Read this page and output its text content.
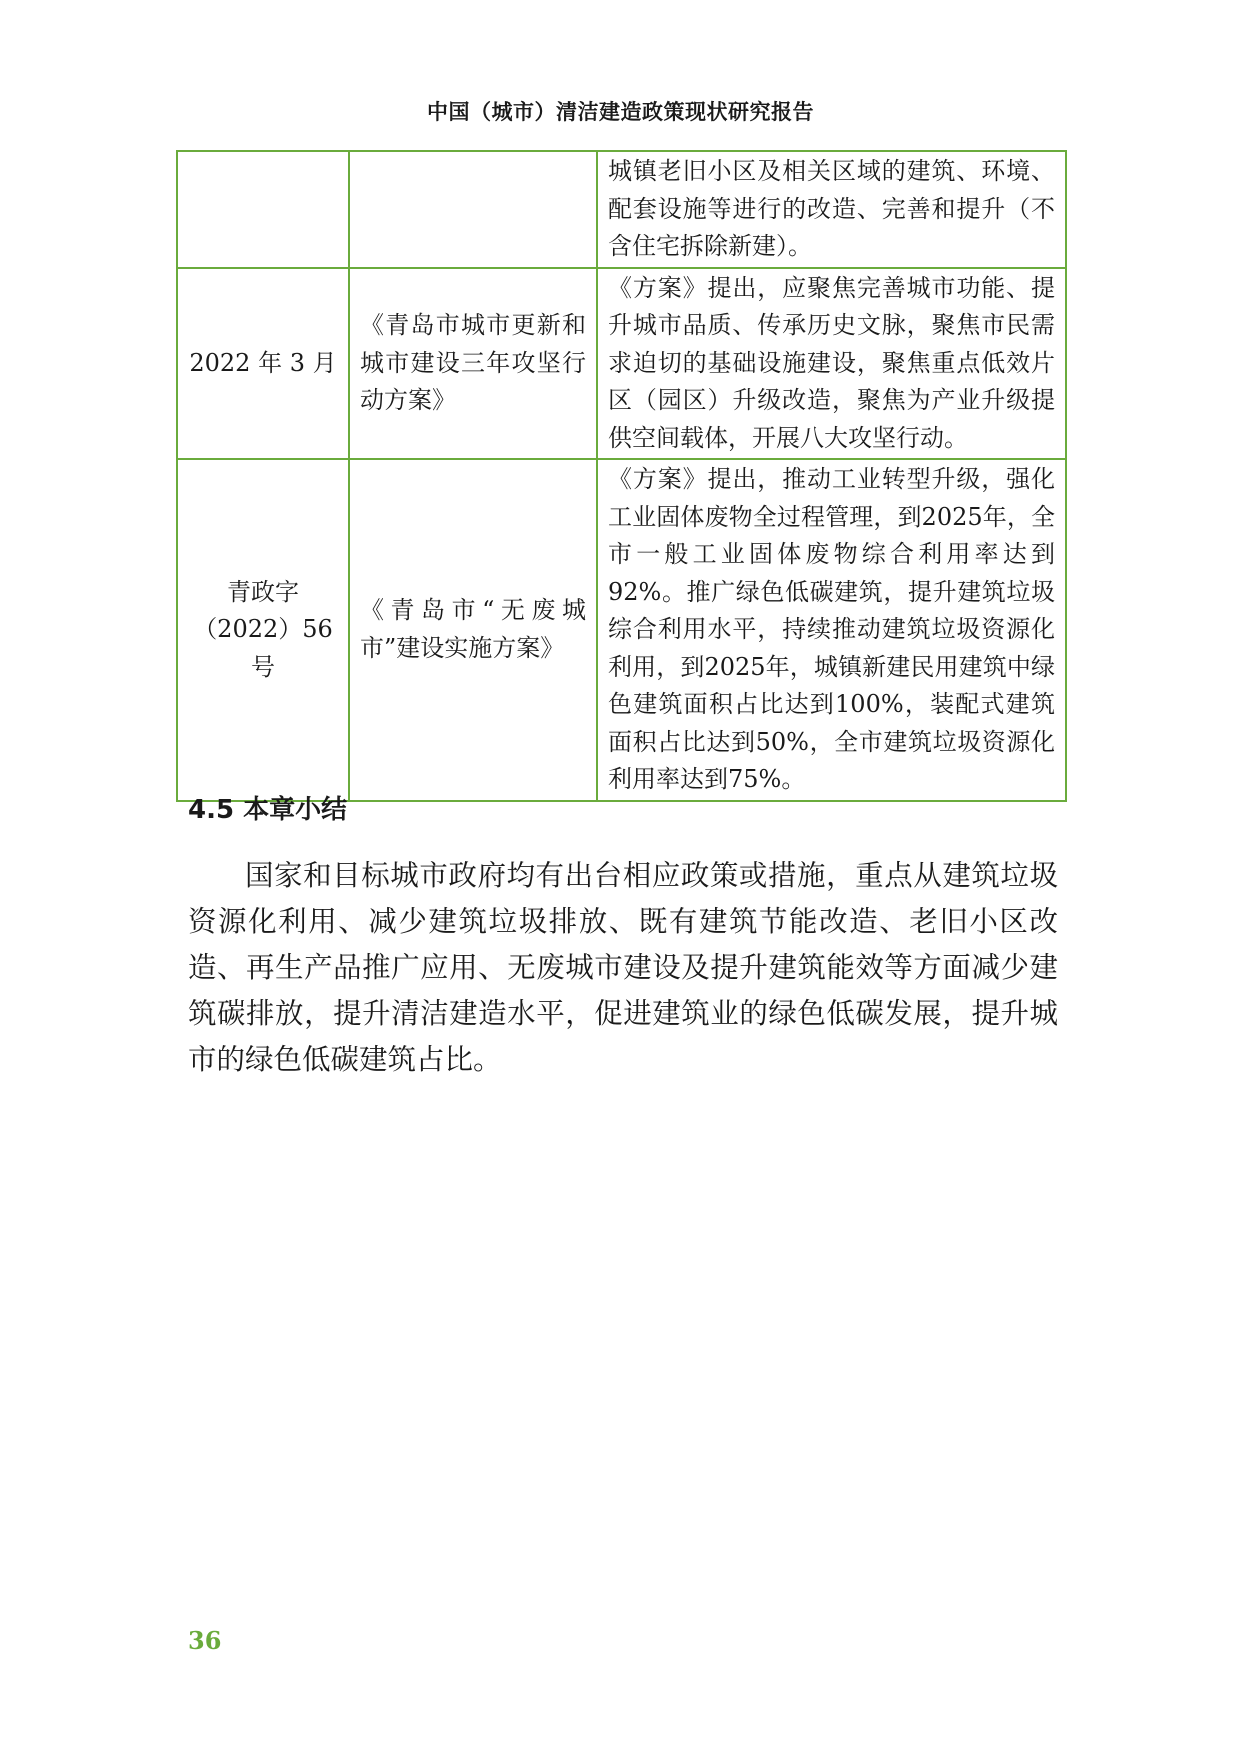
中国（城市）清洁建造政策现状研究报告
		城镇老旧小区及相关区域的建筑、环境、配套设施等进行的改造、完善和提升（不含住宅拆除新建）。
2022 年 3 月	《青岛市城市更新和城市建设三年攻坚行动方案》	《方案》提出，应聚焦完善城市功能、提升城市品质、传承历史文脉，聚焦市民需求迫切的基础设施建设，聚焦重点低效片区（园区）升级改造，聚焦为产业升级提供空间载体，开展八大攻坚行动。
青政字（2022）56 号	《青岛市“无废城市”建设实施方案》	《方案》提出，推动工业转型升级，强化工业固体废物全过程管理，到2025年，全市一般工业固体废物综合利用率达到92%。推广绿色低碳建筑，提升建筑垃圾综合利用水平，持续推动建筑垃圾资源化利用，到2025年，城镇新建民用建筑中绿色建筑面积占比达到100%，装配式建筑面积占比达到50%，全市建筑垃圾资源化利用率达到75%。
4.5 本章小结

国家和目标城市政府均有出台相应政策或措施，重点从建筑垃圾资源化利用、减少建筑垃圾排放、既有建筑节能改造、老旧小区改造、再生产品推广应用、无废城市建设及提升建筑能效等方面减少建筑碳排放，提升清洁建造水平，促进建筑业的绿色低碳发展，提升城市的绿色低碳建筑占比。

36
